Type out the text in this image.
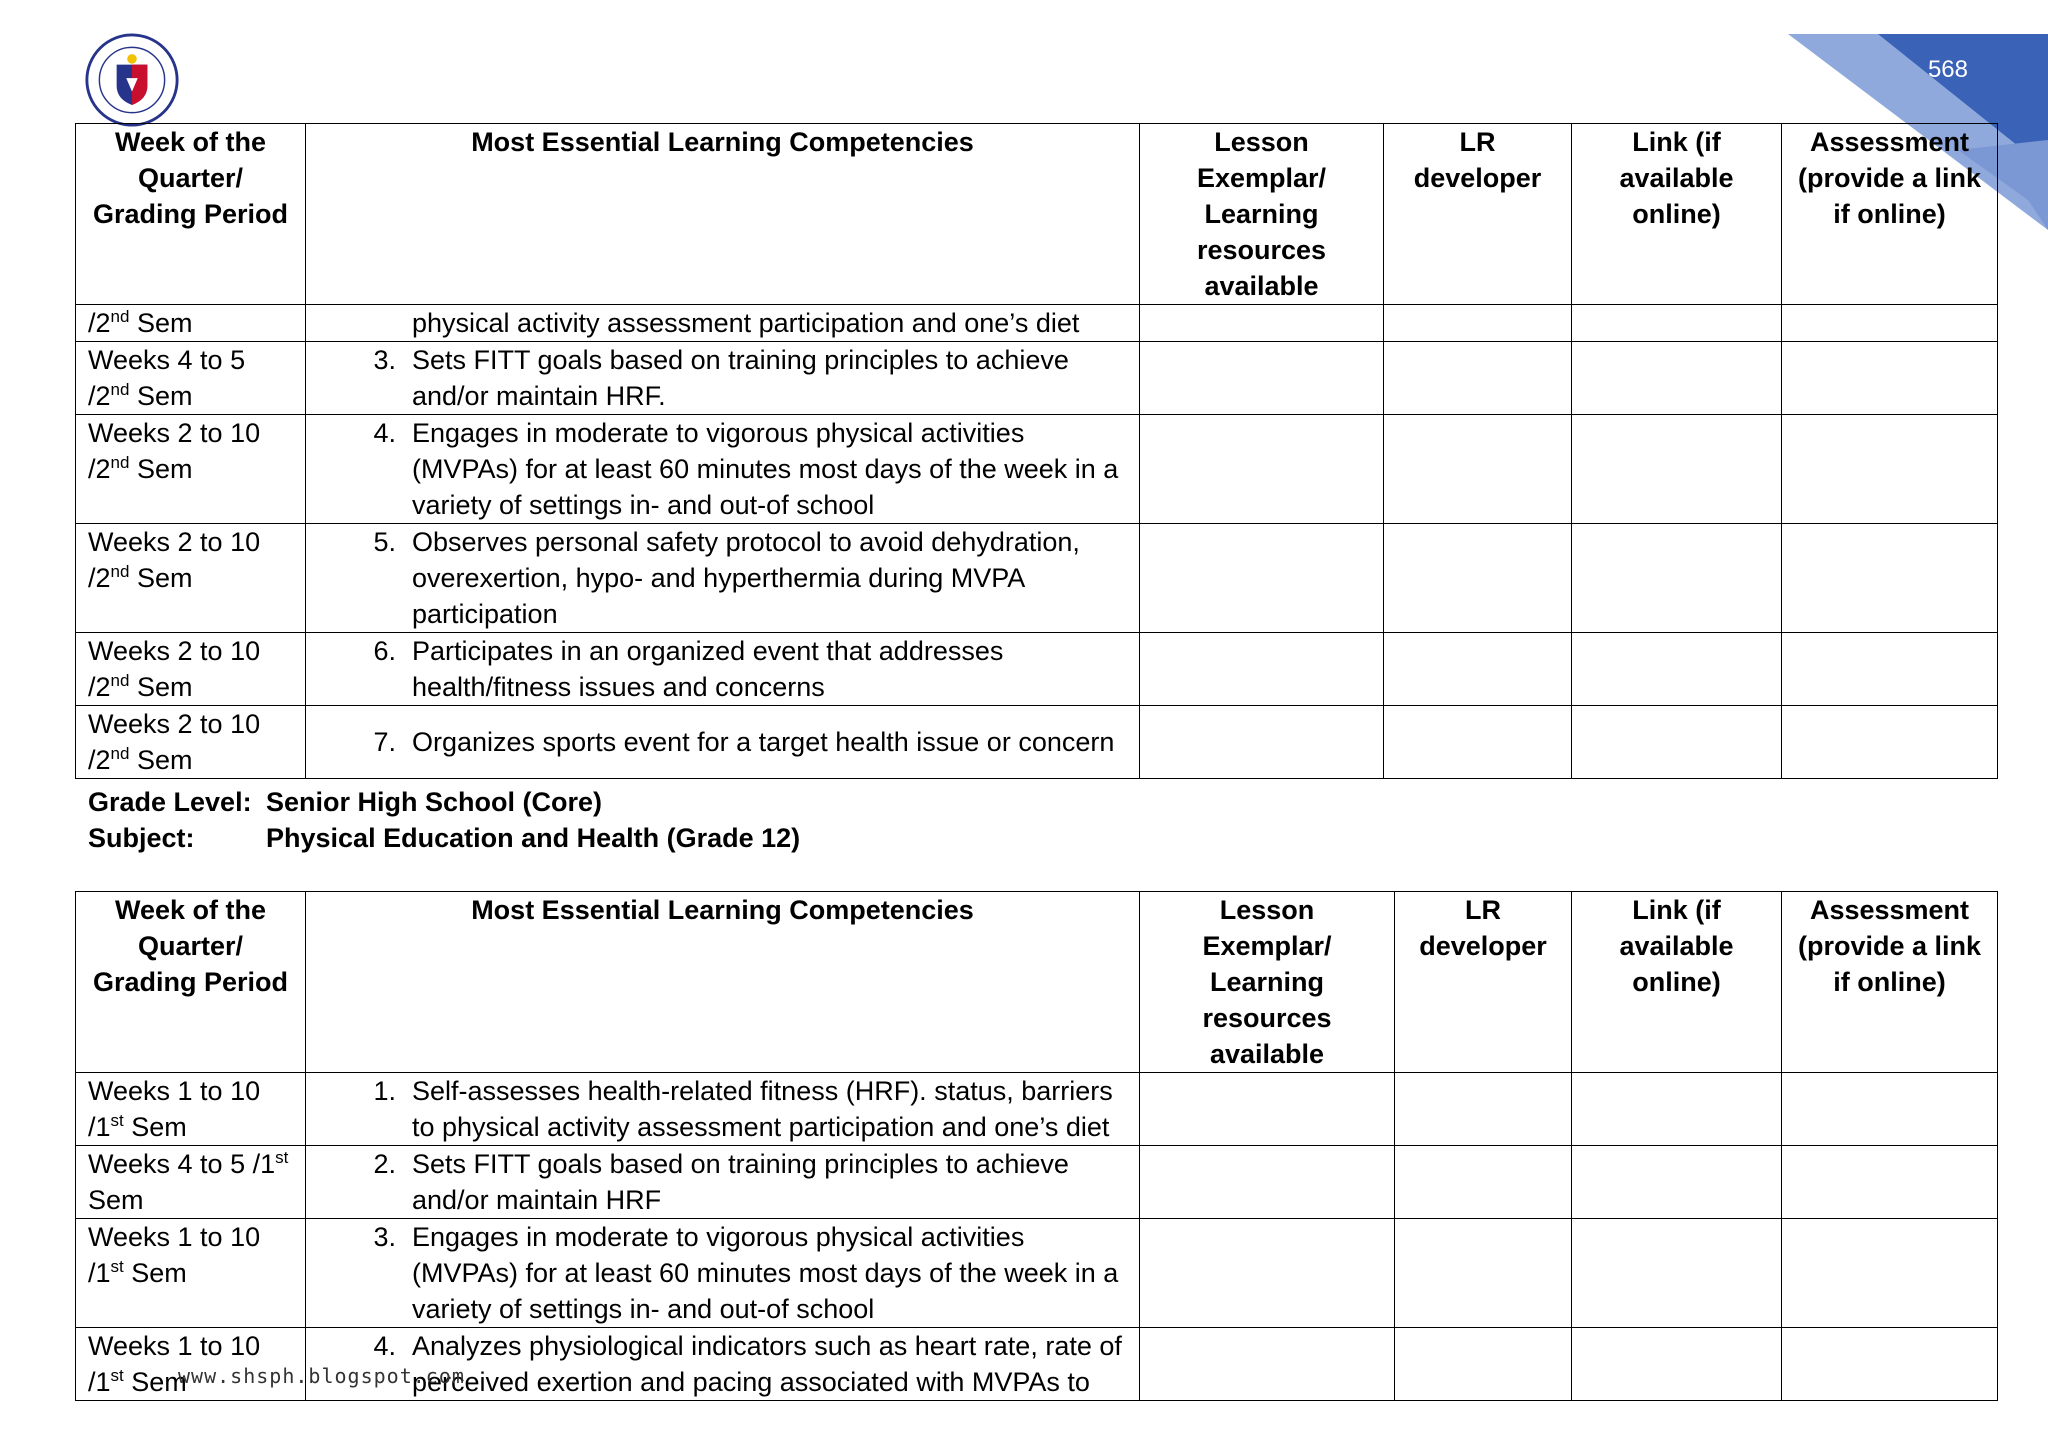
568
Week of the Quarter/ Grading Period	Most Essential Learning Competencies	Lesson Exemplar/ Learning resources available	LR developer	Link (if available online)	Assessment (provide a link if online)
/2nd Sem	physical activity assessment participation and one’s diet				

Weeks 4 to 5 /2nd Sem	3. Sets FITT goals based on training principles to achieve and/or maintain HRF.				

Weeks 2 to 10 /2nd Sem	4. Engages in moderate to vigorous physical activities (MVPAs) for at least 60 minutes most days of the week in a variety of settings in- and out-of school				

Weeks 2 to 10 /2nd Sem	5. Observes personal safety protocol to avoid dehydration, overexertion, hypo- and hyperthermia during MVPA participation				

Weeks 2 to 10 /2nd Sem	6. Participates in an organized event that addresses health/fitness issues and concerns				

Weeks 2 to 10 /2nd Sem	7. Organizes sports event for a target health issue or concern				

Grade Level: Senior High School (Core)
Subject:	Physical Education and Health (Grade 12)
Week of the Quarter/ Grading Period	Most Essential Learning Competencies	Lesson Exemplar/ Learning resources available	LR developer	Link (if available online)	Assessment (provide a link if online)
Weeks 1 to 10 /1st Sem	1. Self-assesses health-related fitness (HRF). status, barriers to physical activity assessment participation and one’s diet				

Weeks 4 to 5 /1st Sem	2. Sets FITT goals based on training principles to achieve and/or maintain HRF				

Weeks 1 to 10 /1st Sem	3. Engages in moderate to vigorous physical activities (MVPAs) for at least 60 minutes most days of the week in a variety of settings in- and out-of school				

Weeks 1 to 10 /1st Sem	4. Analyzes physiological indicators such as heart rate, rate of perceived exertion and pacing associated with MVPAs to				

www.shsph.blogspot.com
